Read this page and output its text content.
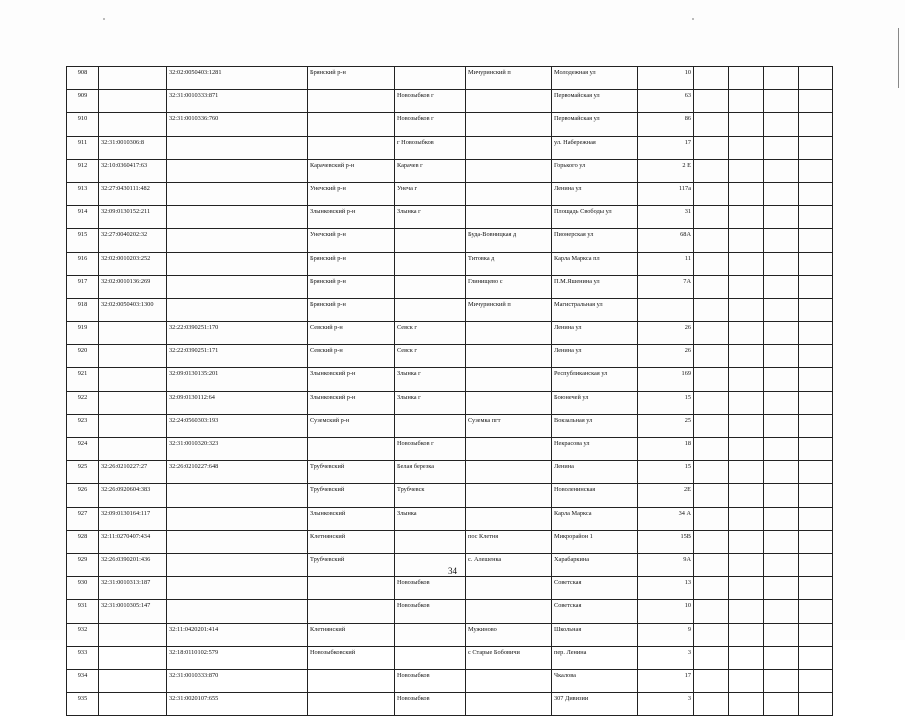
908		32:02:0050403:1281	Брянский р-н		Мичуринский п	Молодежная ул	10				
909		32:31:0010333:871		Новозыбков г		Первомайская ул	63				
910		32:31:0010336:760		Новозыбков г		Первомайская ул	86				
911	32:31:0010306:8			г Новозыбков		ул. Набережная	17				
912	32:10:0360417:63		Карачевский р-н	Карачев г		Горького ул	2 Е				
913	32:27:0430111:482		Унечский р-н	Унеча г		Ленина ул	117а				
914	32:09:0130152:211		Злынковский р-н	Злынка г		Площадь Свободы ул	31				
915	32:27:0040202:32		Унечский р-н		Буда-Вовницкая д	Пионерская ул	68А				
916	32:02:0010203:252		Брянский р-н		Титовка д	Карла Маркса пл	11				
917	32:02:0010136:269		Брянский р-н		Глинищево с	П.М.Яшенина ул	7А				
918	32:02:0050403:1300		Брянский р-н		Мичуринский п	Магистральная ул					
919		32:22:0390251:170	Севский р-н	Севск г		Ленина ул	26				
920		32:22:0390251:171	Севский р-н	Севск г		Ленина ул	26				
921		32:09:0130135:201	Злынковский р-н	Злынка г		Республиканская ул	169				
922		32:09:0130112:64	Злынковский р-н	Злынка г		Боюнечей ул	15				
923		32:24:0560303:193	Суземский р-н		Суземка пгт	Вокзальная ул	25				
924		32:31:0010320:323		Новозыбков г		Некрасова ул	18				
925	32:26:0210227:27	32:26:0210227:648	Трубчевский	Белая березка		Ленина	15				
926	32:26:0920604:383		Трубчевский	Трубчевск		Новоленинская	2Е				
927	32:09:0130164:117		Злынковский	Злынка		Карла Маркса	34 А				
928	32:11:0270407:434		Клетнянский		пос Клетня	Микрорайон 1	15В				
929	32:26:0390201:436		Трубчевский		с. Алешенка	Харабаркина	9А				
930	32:31:0010313:187			Новозыбков		Советская	13				
931	32:31:0010305:147			Новозыбков		Советская	10				
932		32:11:0420201:414	Клетнянский		Мужиново	Школьная	9				
933		32:18:0110102:579	Новозыбковский		с Старые Бобовичи	пер. Ленина	3				
934		32:31:0010333:870		Новозыбков		Чкалова	17				
935		32:31:0020107:655		Новозыбков		307 Дивизии	3				
34
